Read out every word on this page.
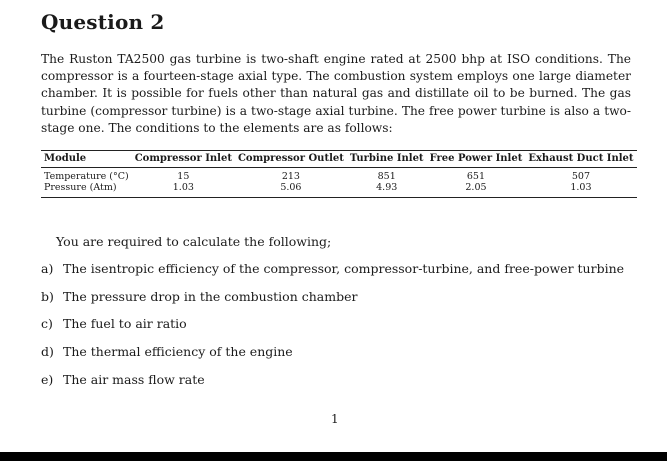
Question 2
The Ruston TA2500 gas turbine is two-shaft engine rated at 2500 bhp at ISO conditions. The compressor is a fourteen-stage axial type. The combustion system employs one large diameter chamber. It is possible for fuels other than natural gas and distillate oil to be burned. The gas turbine (compressor turbine) is a two-stage axial turbine. The free power turbine is also a two-stage one. The conditions to the elements are as follows:
Module	Compressor Inlet	Compressor Outlet	Turbine Inlet	Free Power Inlet	Exhaust Duct Inlet
Temperature (°C)	15	213	851	651	507
Pressure (Atm)	1.03	5.06	4.93	2.05	1.03
You are required to calculate the following;
a) The isentropic efficiency of the compressor, compressor-turbine, and free-power turbine
b) The pressure drop in the combustion chamber
c) The fuel to air ratio
d) The thermal efficiency of the engine
e) The air mass flow rate
1
